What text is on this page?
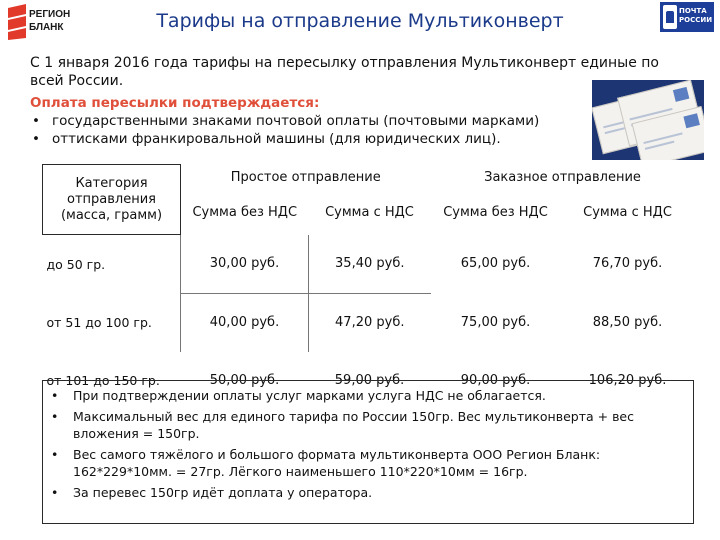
РЕГИОН
БЛАНК
ПОЧТА
РОССИИ
Тарифы на отправление Мультиконверт
С 1 января 2016 года тарифы на пересылку отправления Мультиконверт единые по всей России.
Оплата пересылки подтверждается:
• государственными знаками почтовой оплаты (почтовыми марками)
• оттисками франкировальной машины (для юридических лиц).
Категория отправления (масса, грамм)	Простое отправление		Заказное отправление	
	Сумма без НДС	Сумма с НДС	Сумма без НДС	Сумма с НДС
до 50 гр.	30,00 руб.	35,40 руб.	65,00 руб.	76,70 руб.
от 51 до 100 гр.	40,00 руб.	47,20 руб.	75,00 руб.	88,50 руб.
от 101 до 150 гр.	50,00 руб.	59,00 руб.	90,00 руб.	106,20 руб.
• При подтверждении оплаты услуг марками услуга НДС не облагается.
• Максимальный вес для единого тарифа по России 150гр. Вес мультиконверта + вес вложения = 150гр.
• Вес самого тяжёлого и большого формата мультиконверта ООО Регион Бланк: 162*229*10мм. = 27гр. Лёгкого наименьшего 110*220*10мм = 16гр.
• За перевес 150гр идёт доплата у оператора.
